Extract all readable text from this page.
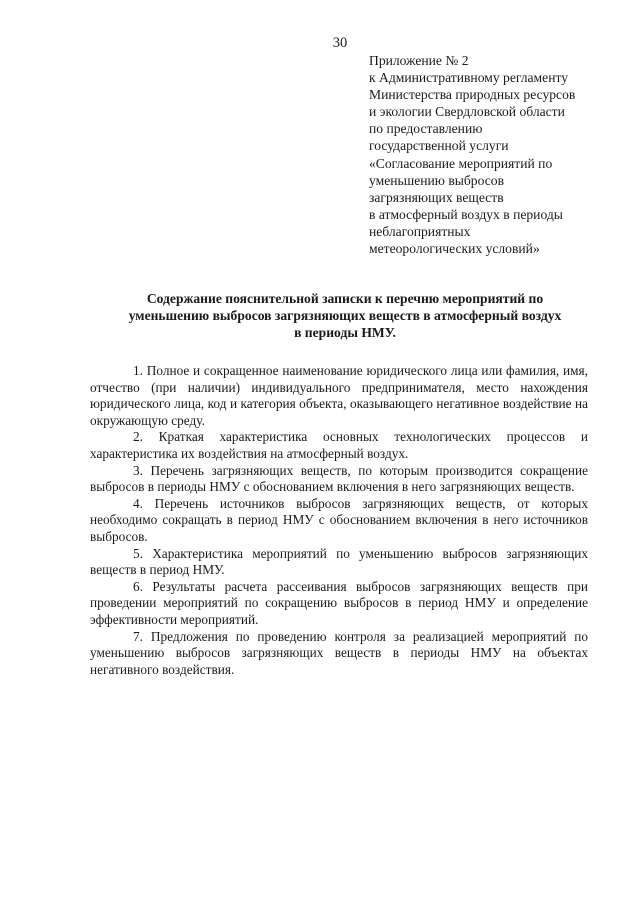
30
Приложение № 2
к Административному регламенту
Министерства природных ресурсов
и экологии Свердловской области
по предоставлению
государственной услуги
«Согласование мероприятий по
уменьшению выбросов
загрязняющих веществ
в атмосферный воздух в периоды
неблагоприятных
метеорологических условий»
Содержание пояснительной записки к перечню мероприятий по
уменьшению выбросов загрязняющих веществ в атмосферный воздух
в периоды НМУ.

1. Полное и сокращенное наименование юридического лица или фамилия, имя, отчество (при наличии) индивидуального предпринимателя, место нахождения юридического лица, код и категория объекта, оказывающего негативное воздействие на окружающую среду.

2. Краткая характеристика основных технологических процессов и характеристика их воздействия на атмосферный воздух.

3. Перечень загрязняющих веществ, по которым производится сокращение выбросов в периоды НМУ с обоснованием включения в него загрязняющих веществ.

4. Перечень источников выбросов загрязняющих веществ, от которых необходимо сокращать в период НМУ с обоснованием включения в него источников выбросов.

5. Характеристика мероприятий по уменьшению выбросов загрязняющих веществ в период НМУ.

6. Результаты расчета рассеивания выбросов загрязняющих веществ при проведении мероприятий по сокращению выбросов в период НМУ и определение эффективности мероприятий.

7. Предложения по проведению контроля за реализацией мероприятий по уменьшению выбросов загрязняющих веществ в периоды НМУ на объектах негативного воздействия.
